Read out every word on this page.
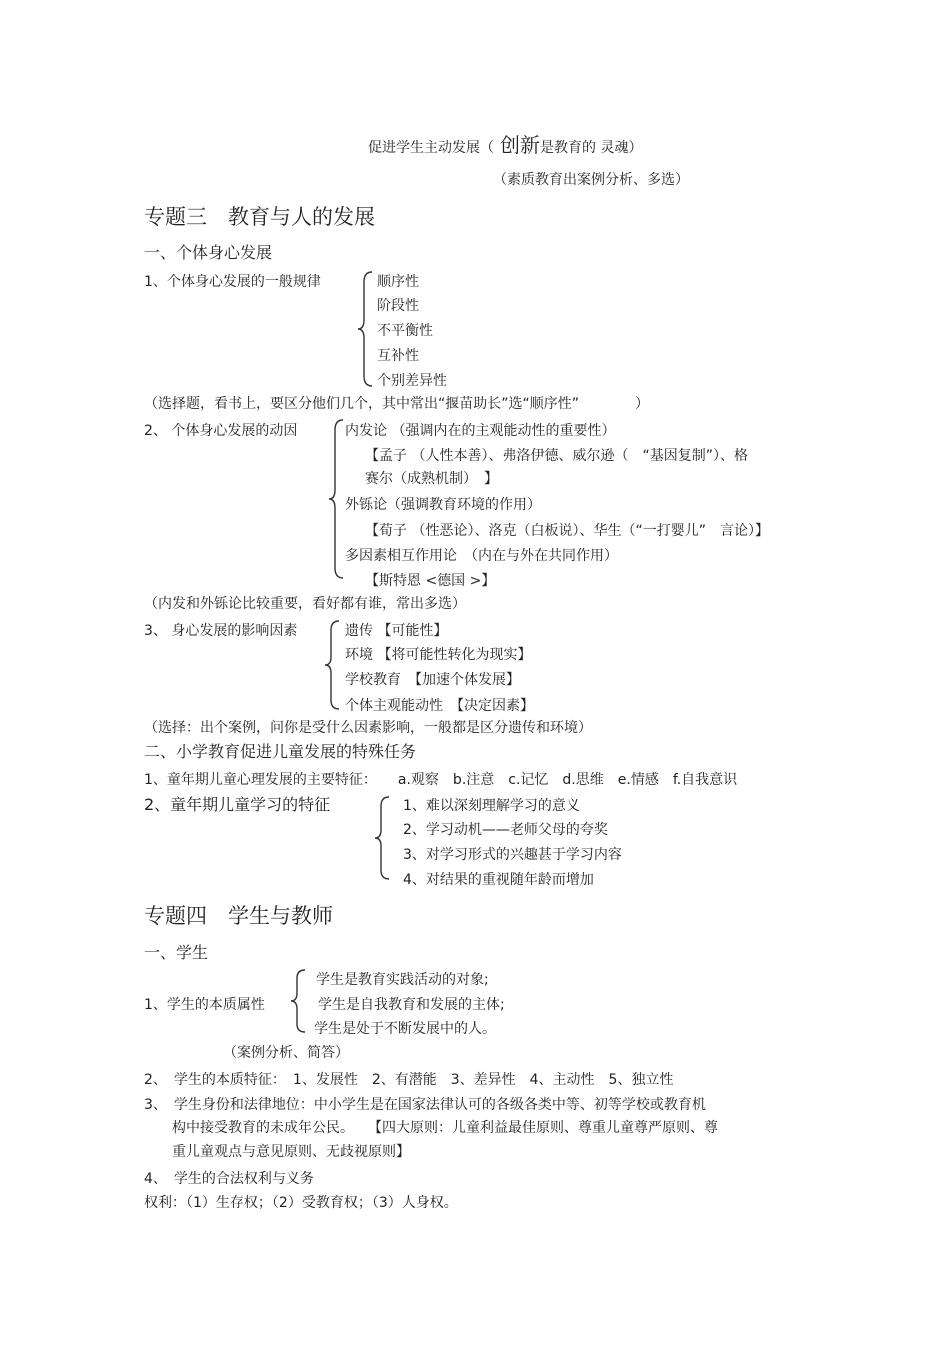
促进学生主动发展（ 创新是教育的 灵魂）
（素质教育出案例分析、多选）
专题三　教育与人的发展
一、个体身心发展
1、个体身心发展的一般规律	顺序性
阶段性
不平衡性
互补性
个别差异性
（选择题，看书上，要区分他们几个，其中常出“揠苗助长”选“顺序性”　　　　）
2、 个体身心发展的动因	内发论 （强调内在的主观能动性的重要性）
【孟子 （人性本善）、弗洛伊德、威尔逊（　“基因复制”）、格
赛尔（成熟机制）　】
外铄论（强调教育环境的作用）
【荀子 （性恶论）、洛克（白板说）、华生（“一打婴儿”　言论）】
多因素相互作用论　（内在与外在共同作用）
【斯特恩 <德国 >】
（内发和外铄论比较重要，看好都有谁，常出多选）
3、 身心发展的影响因素	遗传 【可能性】
环境 【将可能性转化为现实】
学校教育　【加速个体发展】
个体主观能动性　【决定因素】
（选择：出个案例，问你是受什么因素影响，一般都是区分遗传和环境）
二、小学教育促进儿童发展的特殊任务
1、童年期儿童心理发展的主要特征：　　a.观察　b.注意　c.记忆　d.思维　e.情感　f.自我意识
2、童年期儿童学习的特征	1、难以深刻理解学习的意义
2、学习动机——老师父母的夸奖
3、对学习形式的兴趣甚于学习内容
4、对结果的重视随年龄而增加
专题四　学生与教师
一、学生
1、学生的本质属性
学生是教育实践活动的对象;
学生是自我教育和发展的主体;
学生是处于不断发展中的人。
（案例分析、简答）
2、　学生的本质特征：　1、发展性　2、有潜能　3、差异性　4、主动性　5、独立性
3、　学生身份和法律地位：中小学生是在国家法律认可的各级各类中等、初等学校或教育机
构中接受教育的未成年公民。　　【四大原则：儿童利益最佳原则、尊重儿童尊严原则、尊
重儿童观点与意见原则、无歧视原则】
4、　学生的合法权利与义务
权利：（1）生存权；（2）受教育权；（3）人身权。
